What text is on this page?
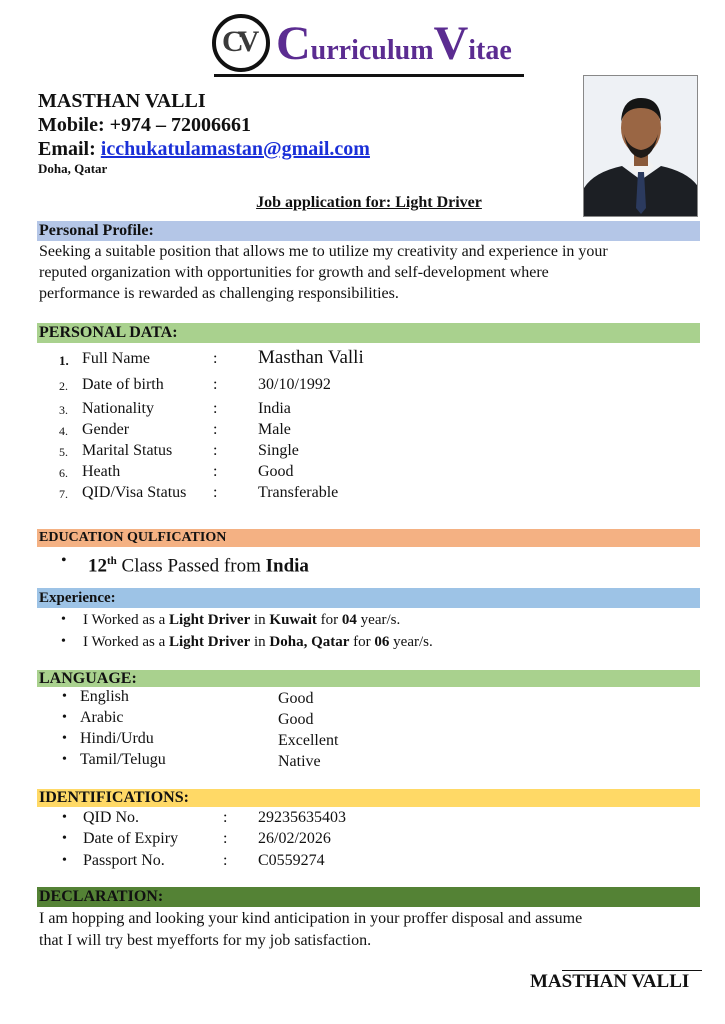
CV CurriculumVitae
MASTHAN VALLI
Mobile: +974 – 72006661
Email: icchukatulamastan@gmail.com
Doha, Qatar
Job application for: Light Driver
Personal Profile:
Seeking a suitable position that allows me to utilize my creativity and experience in your
reputed organization with opportunities for growth and self-development where
performance is rewarded as challenging responsibilities.
PERSONAL DATA:
1. Full Name	: Masthan Valli
2. Date of birth	:	30/10/1992
3. Nationality	:	India
4. Gender	:	Male
5. Marital Status	:	Single
6. Heath	:	Good
7. QID/Visa Status :	Transferable
EDUCATION QULFICATION
• 12th Class Passed from India
Experience:
• I Worked as a Light Driver in Kuwait for 04 year/s.
• I Worked as a Light Driver in Doha, Qatar for 06 year/s.
LANGUAGE:
• English	Good
• Arabic	Good
• Hindi/Urdu	Excellent
• Tamil/Telugu	Native
IDENTIFICATIONS:
• QID No.	: 29235635403
• Date of Expiry	: 26/02/2026
• Passport No.	: C0559274
DECLARATION:
I am hopping and looking your kind anticipation in your proffer disposal and assume
that I will try best myefforts for my job satisfaction.
MASTHAN VALLI
